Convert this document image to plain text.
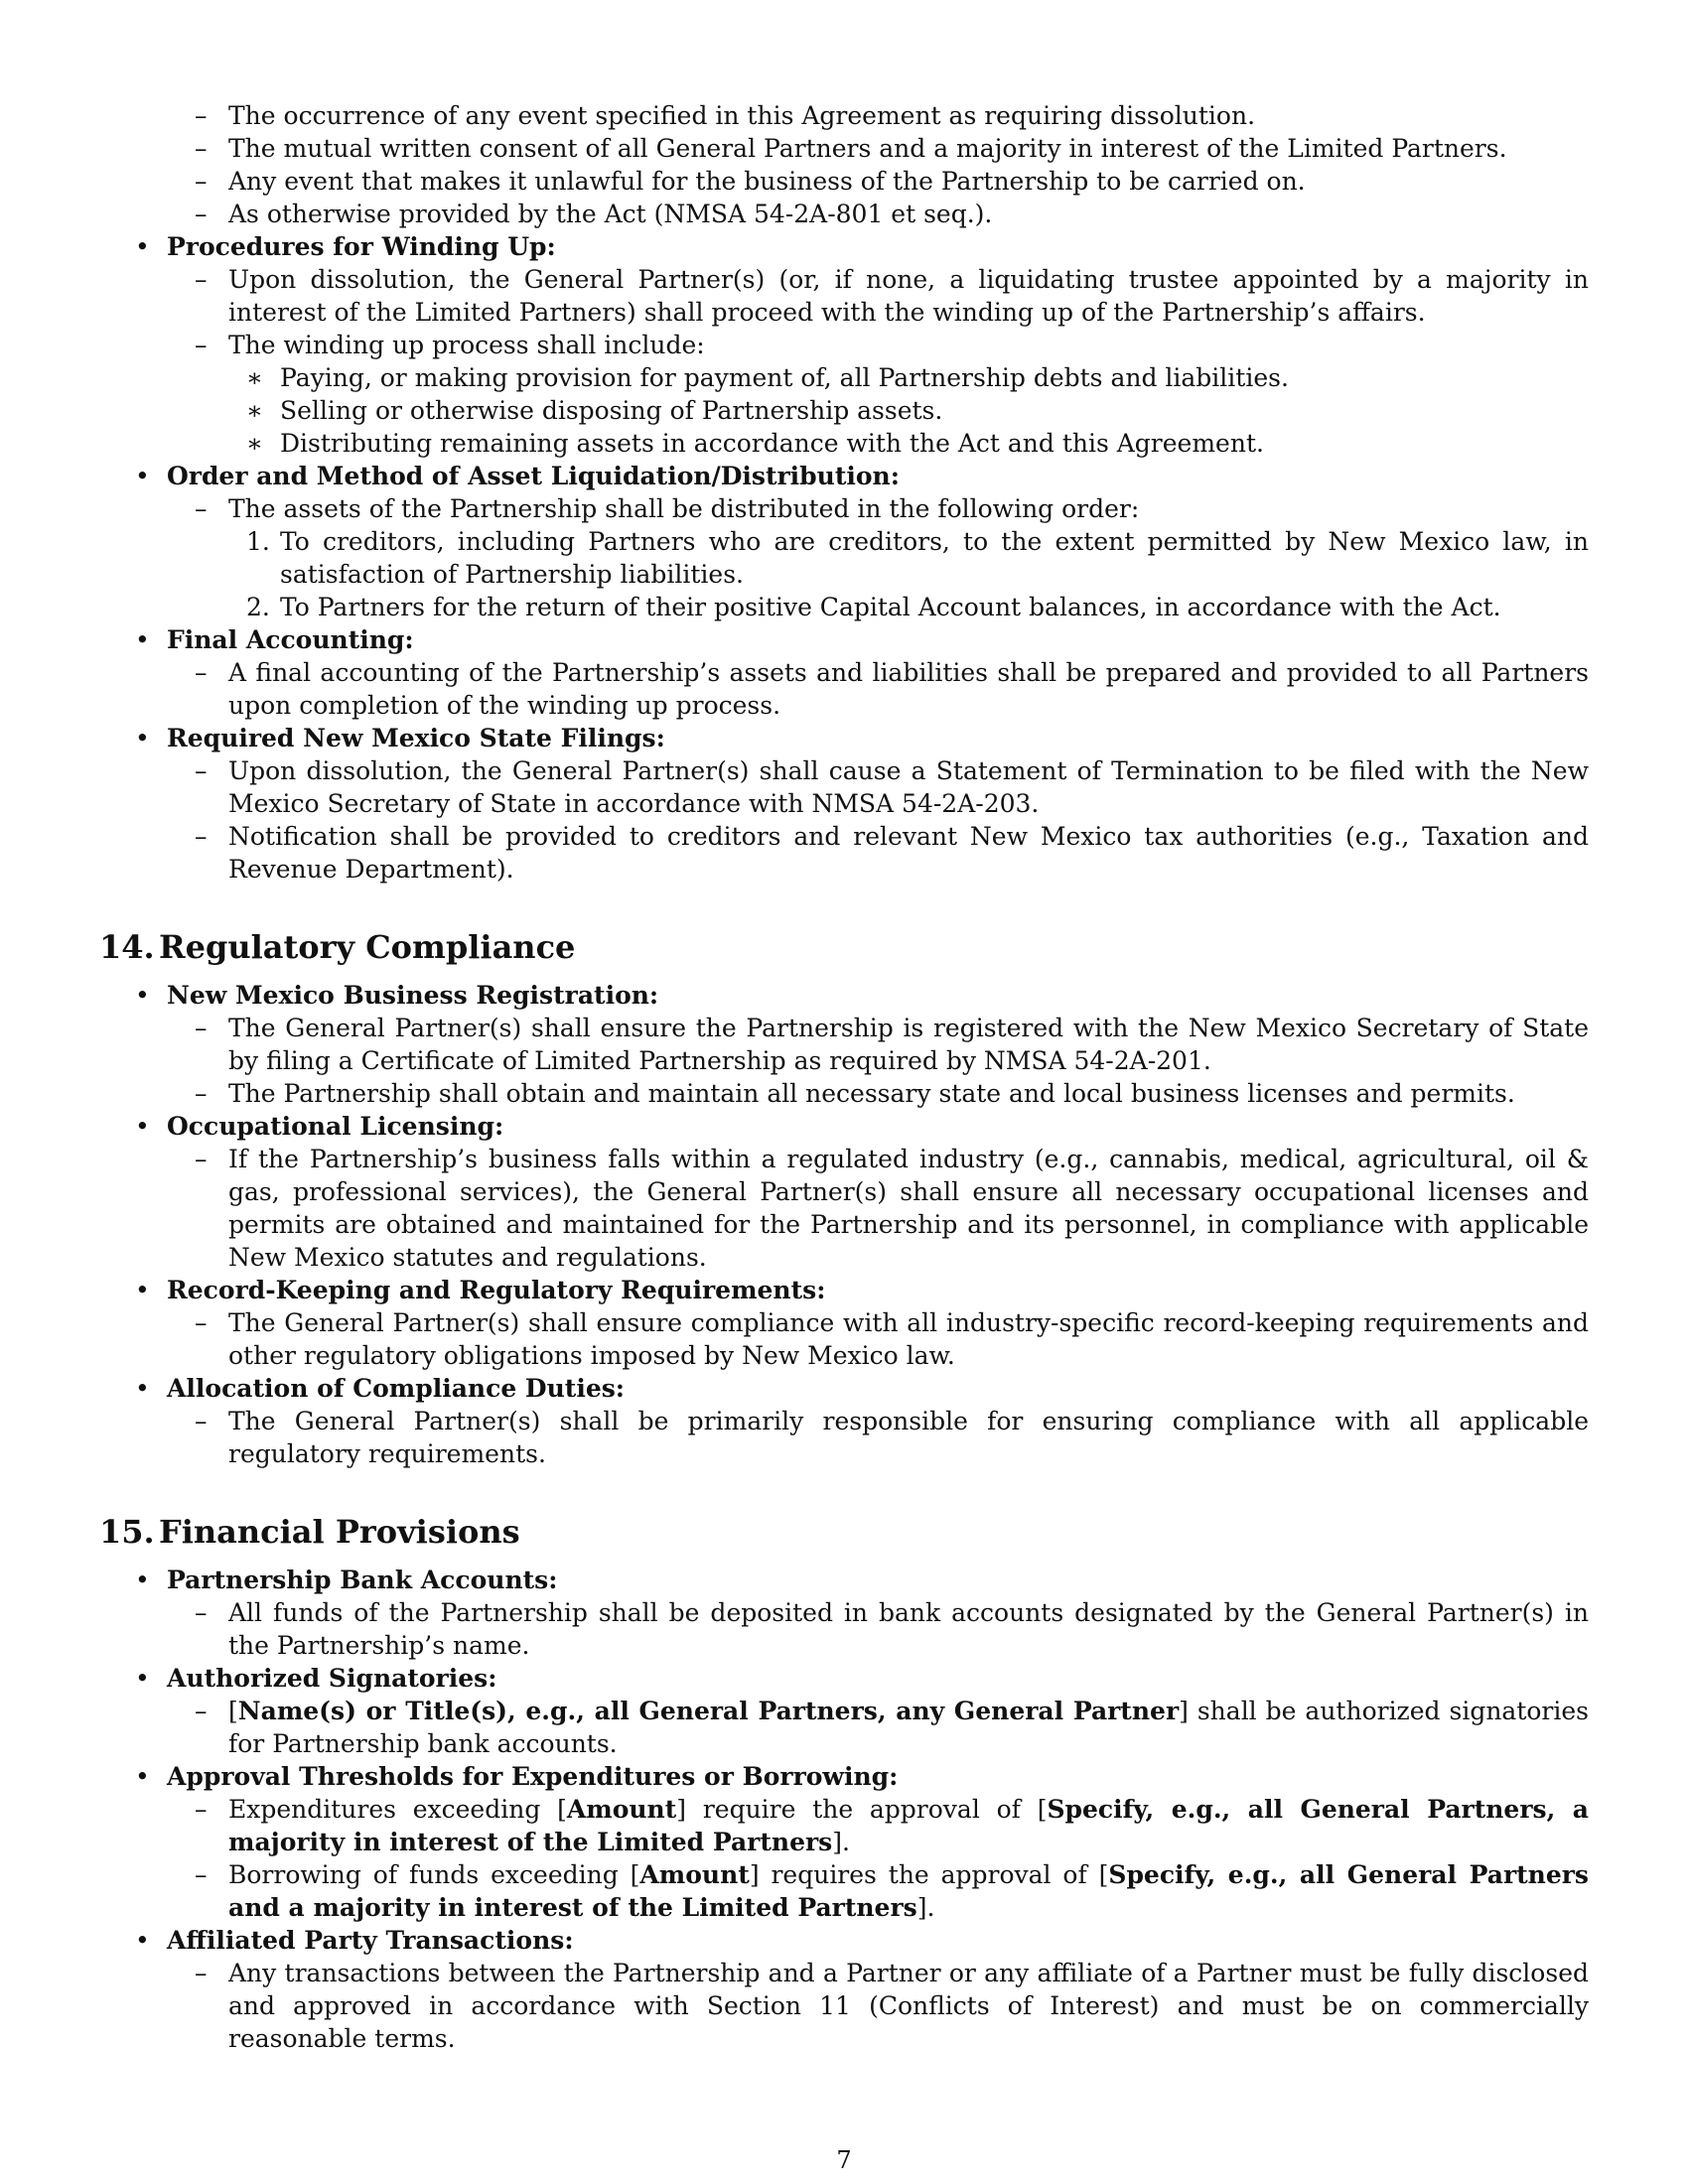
– The occurrence of any event specified in this Agreement as requiring dissolution.
– The mutual written consent of all General Partners and a majority in interest of the Limited Partners.
– Any event that makes it unlawful for the business of the Partnership to be carried on.
– As otherwise provided by the Act (NMSA 54-2A-801 et seq.).
• Procedures for Winding Up:
– Upon dissolution, the General Partner(s) (or, if none, a liquidating trustee appointed by a majority in interest of the Limited Partners) shall proceed with the winding up of the Partnership’s affairs.
– The winding up process shall include:
∗ Paying, or making provision for payment of, all Partnership debts and liabilities.
∗ Selling or otherwise disposing of Partnership assets.
∗ Distributing remaining assets in accordance with the Act and this Agreement.
• Order and Method of Asset Liquidation/Distribution:
– The assets of the Partnership shall be distributed in the following order:
1. To creditors, including Partners who are creditors, to the extent permitted by New Mexico law, in satisfaction of Partnership liabilities.
2. To Partners for the return of their positive Capital Account balances, in accordance with the Act.
• Final Accounting:
– A final accounting of the Partnership’s assets and liabilities shall be prepared and provided to all Partners upon completion of the winding up process.
• Required New Mexico State Filings:
– Upon dissolution, the General Partner(s) shall cause a Statement of Termination to be filed with the New Mexico Secretary of State in accordance with NMSA 54-2A-203.
– Notification shall be provided to creditors and relevant New Mexico tax authorities (e.g., Taxation and Revenue Department).
14. Regulatory Compliance
• New Mexico Business Registration:
– The General Partner(s) shall ensure the Partnership is registered with the New Mexico Secretary of State by filing a Certificate of Limited Partnership as required by NMSA 54-2A-201.
– The Partnership shall obtain and maintain all necessary state and local business licenses and permits.
• Occupational Licensing:
– If the Partnership’s business falls within a regulated industry (e.g., cannabis, medical, agricultural, oil & gas, professional services), the General Partner(s) shall ensure all necessary occupational licenses and permits are obtained and maintained for the Partnership and its personnel, in compliance with applicable New Mexico statutes and regulations.
• Record-Keeping and Regulatory Requirements:
– The General Partner(s) shall ensure compliance with all industry-specific record-keeping requirements and other regulatory obligations imposed by New Mexico law.
• Allocation of Compliance Duties:
– The General Partner(s) shall be primarily responsible for ensuring compliance with all applicable regulatory requirements.
15. Financial Provisions
• Partnership Bank Accounts:
– All funds of the Partnership shall be deposited in bank accounts designated by the General Partner(s) in the Partnership’s name.
• Authorized Signatories:
– [Name(s) or Title(s), e.g., all General Partners, any General Partner] shall be authorized signatories for Partnership bank accounts.
• Approval Thresholds for Expenditures or Borrowing:
– Expenditures exceeding [Amount] require the approval of [Specify, e.g., all General Partners, a majority in interest of the Limited Partners].
– Borrowing of funds exceeding [Amount] requires the approval of [Specify, e.g., all General Partners and a majority in interest of the Limited Partners].
• Affiliated Party Transactions:
– Any transactions between the Partnership and a Partner or any affiliate of a Partner must be fully disclosed and approved in accordance with Section 11 (Conflicts of Interest) and must be on commercially reasonable terms.
7
